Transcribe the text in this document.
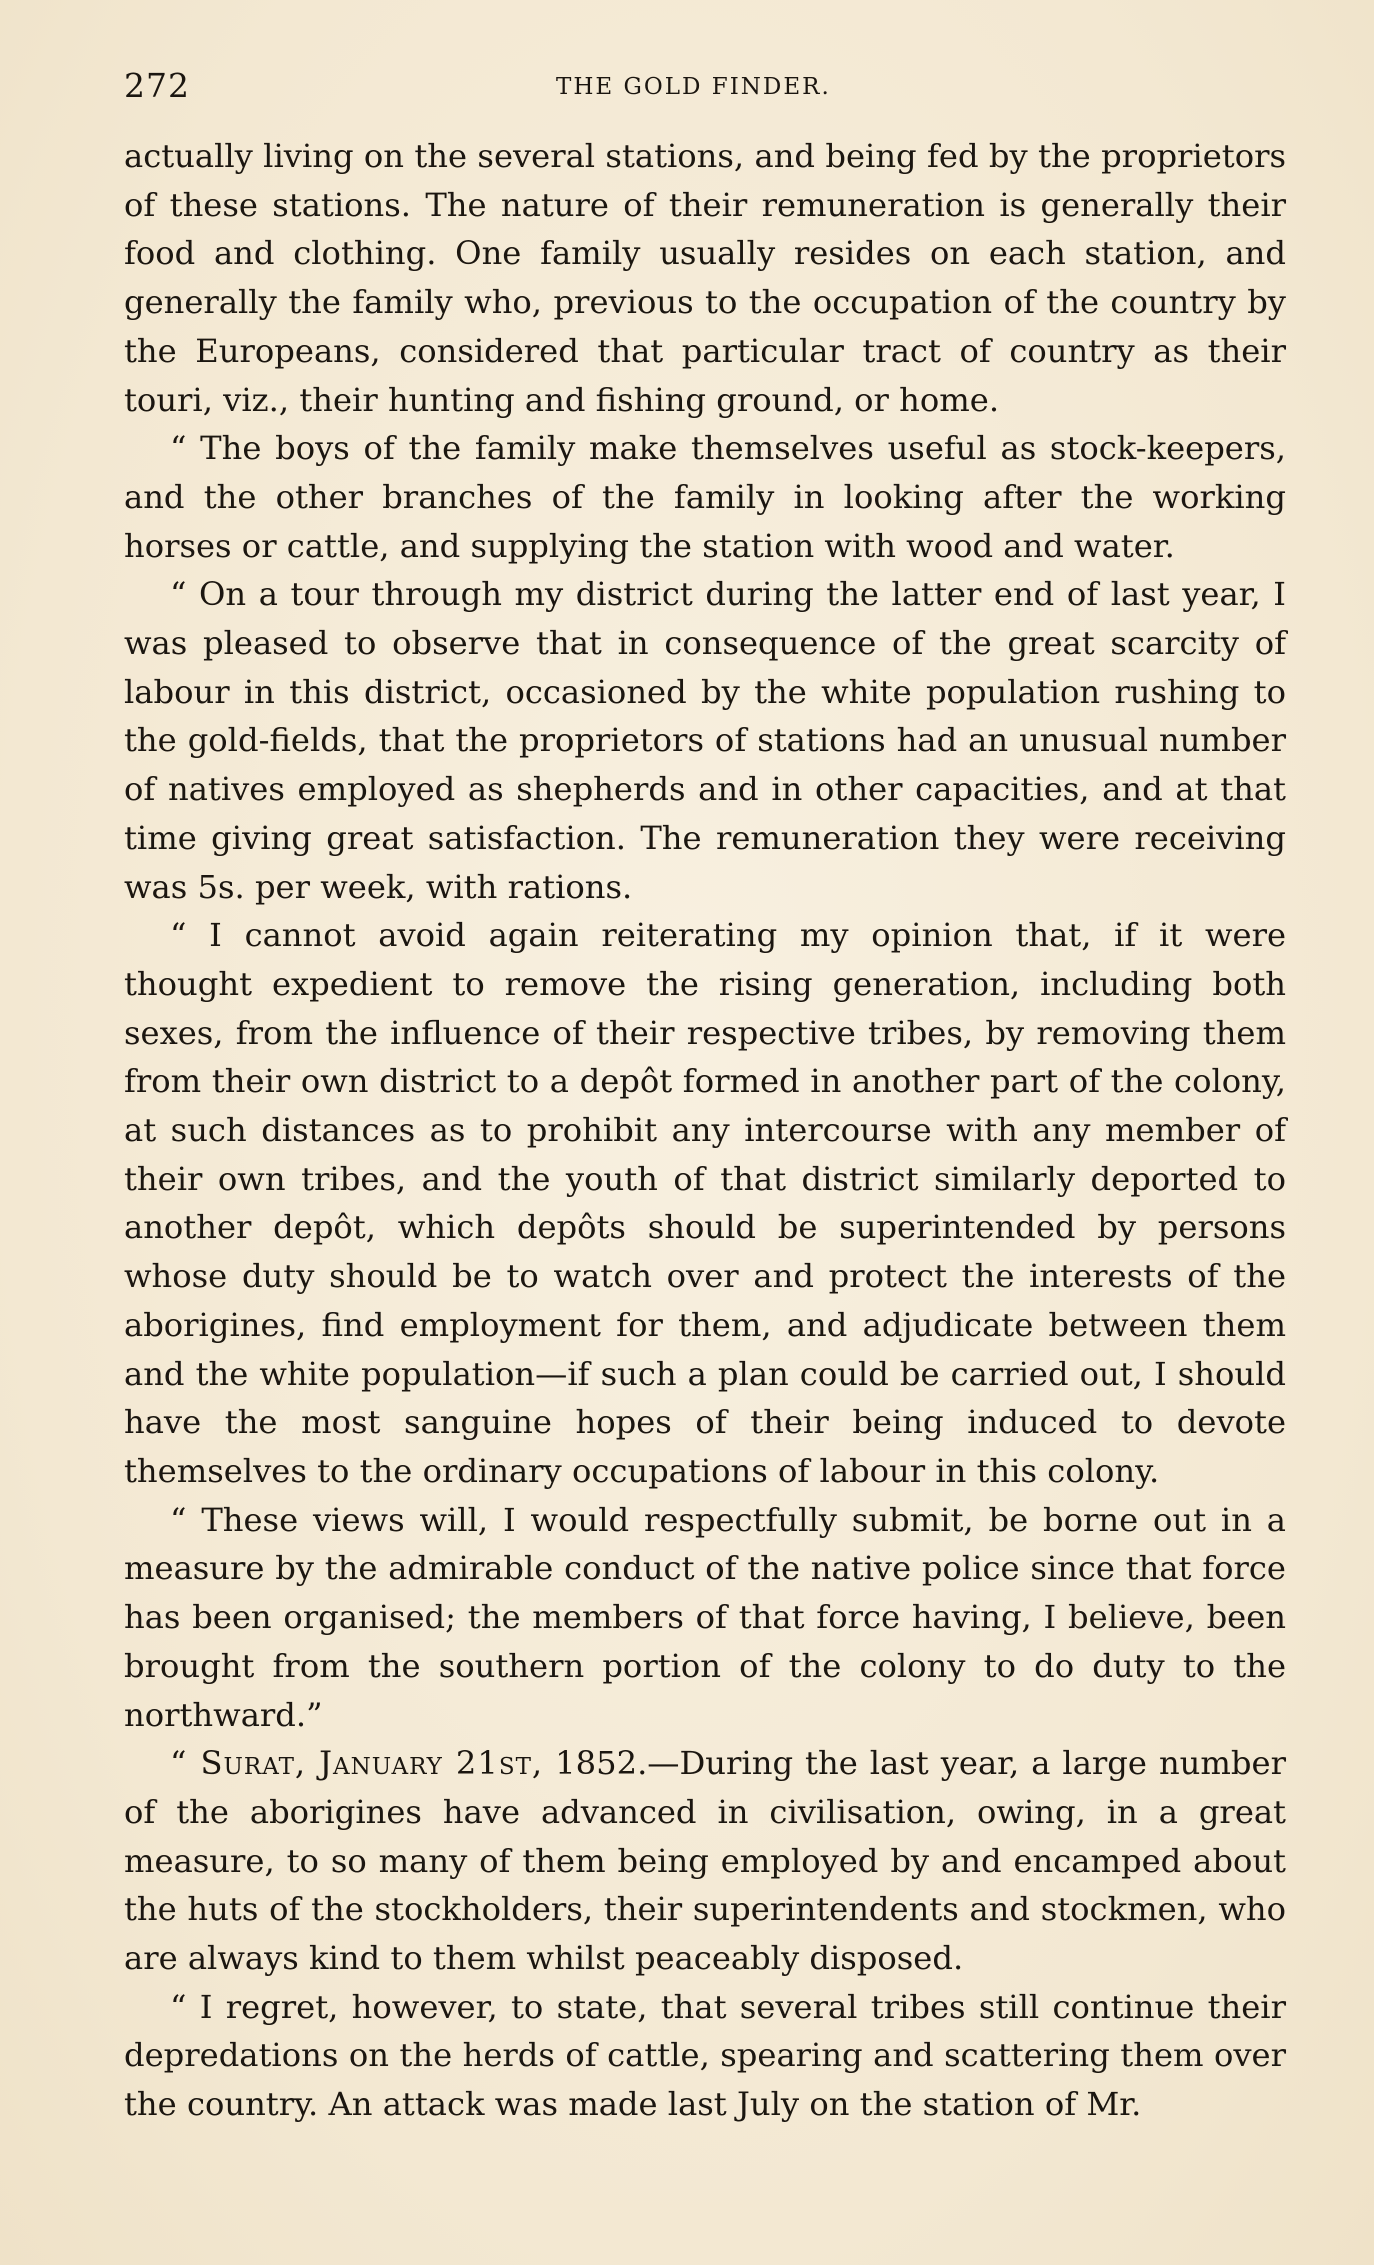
272	THE GOLD FINDER.

actually living on the several stations, and being fed by the proprietors of these stations. The nature of their remuneration is generally their food and clothing. One family usually resides on each station, and generally the family who, previous to the occupation of the country by the Europeans, considered that particular tract of country as their touri, viz., their hunting and fishing ground, or home.

“ The boys of the family make themselves useful as stock-keepers, and the other branches of the family in looking after the working horses or cattle, and supplying the station with wood and water.

“ On a tour through my district during the latter end of last year, I was pleased to observe that in consequence of the great scarcity of labour in this district, occasioned by the white population rushing to the gold-fields, that the proprietors of stations had an unusual number of natives employed as shepherds and in other capacities, and at that time giving great satisfaction. The remuneration they were receiving was 5s. per week, with rations.

“ I cannot avoid again reiterating my opinion that, if it were thought expedient to remove the rising generation, including both sexes, from the influence of their respective tribes, by removing them from their own district to a depôt formed in another part of the colony, at such distances as to prohibit any intercourse with any member of their own tribes, and the youth of that district similarly deported to another depôt, which depôts should be superintended by persons whose duty should be to watch over and protect the interests of the aborigines, find employment for them, and adjudicate between them and the white population—if such a plan could be carried out, I should have the most sanguine hopes of their being induced to devote themselves to the ordinary occupations of labour in this colony.

“ These views will, I would respectfully submit, be borne out in a measure by the admirable conduct of the native police since that force has been organised; the members of that force having, I believe, been brought from the southern portion of the colony to do duty to the northward.”

“ Surat, January 21st, 1852.—During the last year, a large number of the aborigines have advanced in civilisation, owing, in a great measure, to so many of them being employed by and encamped about the huts of the stockholders, their superintendents and stockmen, who are always kind to them whilst peaceably disposed.

“ I regret, however, to state, that several tribes still continue their depredations on the herds of cattle, spearing and scattering them over the country. An attack was made last July on the station of Mr.
